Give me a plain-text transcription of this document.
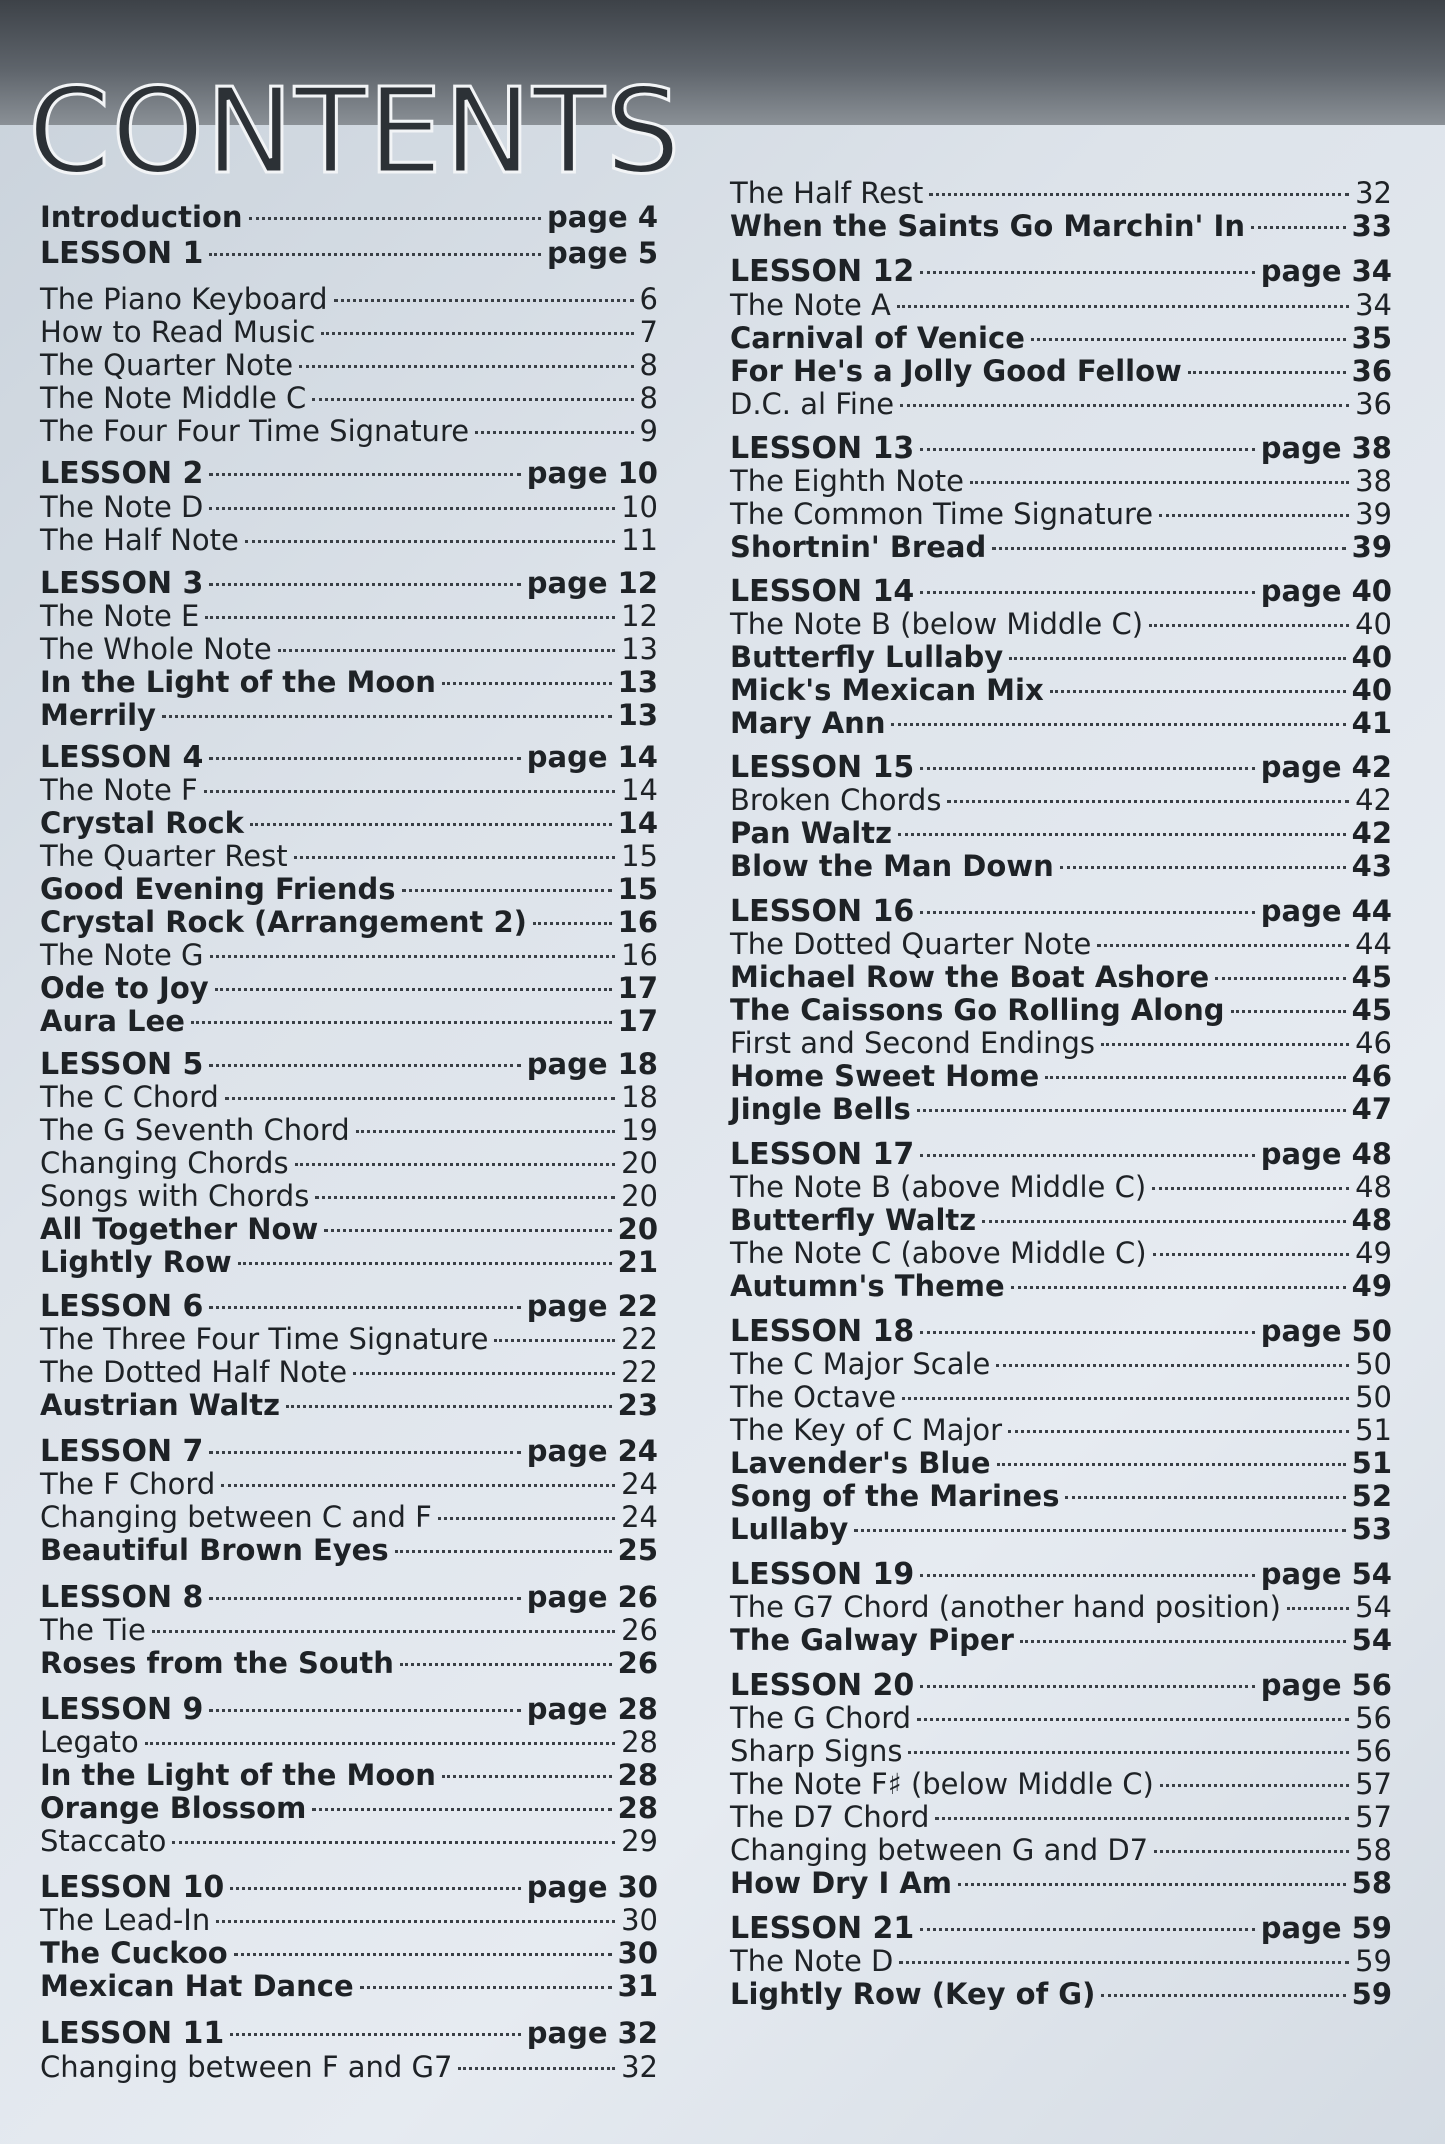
CONTENTS
Introduction	page 4
LESSON 1	page 5
The Piano Keyboard	6
How to Read Music	7
The Quarter Note	8
The Note Middle C	8
The Four Four Time Signature	9
LESSON 2	page 10
The Note D	10
The Half Note	11
LESSON 3	page 12
The Note E	12
The Whole Note	13
In the Light of the Moon	13
Merrily	13
LESSON 4	page 14
The Note F	14
Crystal Rock	14
The Quarter Rest	15
Good Evening Friends	15
Crystal Rock (Arrangement 2)	16
The Note G	16
Ode to Joy	17
Aura Lee	17
LESSON 5	page 18
The C Chord	18
The G Seventh Chord	19
Changing Chords	20
Songs with Chords	20
All Together Now	20
Lightly Row	21
LESSON 6	page 22
The Three Four Time Signature	22
The Dotted Half Note	22
Austrian Waltz	23
LESSON 7	page 24
The F Chord	24
Changing between C and F	24
Beautiful Brown Eyes	25
LESSON 8	page 26
The Tie	26
Roses from the South	26
LESSON 9	page 28
Legato	28
In the Light of the Moon	28
Orange Blossom	28
Staccato	29
LESSON 10	page 30
The Lead-In	30
The Cuckoo	30
Mexican Hat Dance	31
LESSON 11	page 32
Changing between F and G7	32
The Half Rest	32
When the Saints Go Marchin' In	33
LESSON 12	page 34
The Note A	34
Carnival of Venice	35
For He's a Jolly Good Fellow	36
D.C. al Fine	36
LESSON 13	page 38
The Eighth Note	38
The Common Time Signature	39
Shortnin' Bread	39
LESSON 14	page 40
The Note B (below Middle C)	40
Butterfly Lullaby	40
Mick's Mexican Mix	40
Mary Ann	41
LESSON 15	page 42
Broken Chords	42
Pan Waltz	42
Blow the Man Down	43
LESSON 16	page 44
The Dotted Quarter Note	44
Michael Row the Boat Ashore	45
The Caissons Go Rolling Along	45
First and Second Endings	46
Home Sweet Home	46
Jingle Bells	47
LESSON 17	page 48
The Note B (above Middle C)	48
Butterfly Waltz	48
The Note C (above Middle C)	49
Autumn's Theme	49
LESSON 18	page 50
The C Major Scale	50
The Octave	50
The Key of C Major	51
Lavender's Blue	51
Song of the Marines	52
Lullaby	53
LESSON 19	page 54
The G7 Chord (another hand position)	54
The Galway Piper	54
LESSON 20	page 56
The G Chord	56
Sharp Signs	56
The Note F♯ (below Middle C)	57
The D7 Chord	57
Changing between G and D7	58
How Dry I Am	58
LESSON 21	page 59
The Note D	59
Lightly Row (Key of G)	59
